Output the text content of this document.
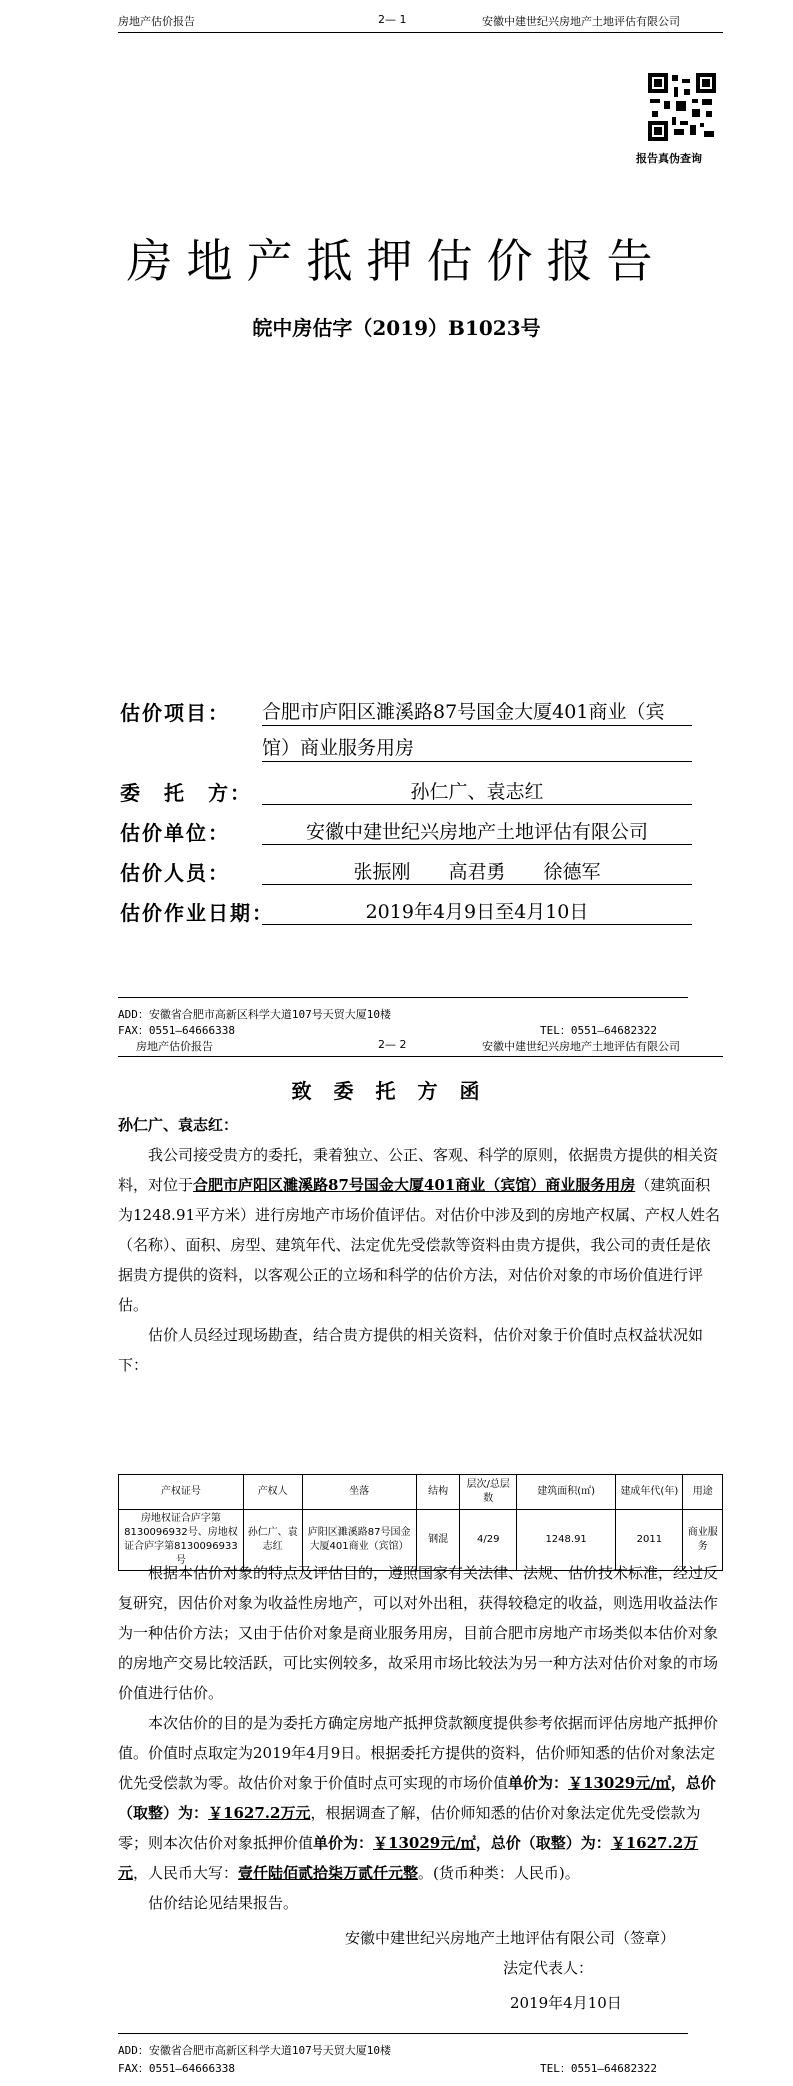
房地产估价报告	2— 1	安徽中建世纪兴房地产土地评估有限公司
报告真伪查询
房地产抵押估价报告
皖中房估字（2019）B1023号
估价项目： 合肥市庐阳区濉溪路87号国金大厦401商业（宾
馆）商业服务用房
委　托　方：	孙仁广、袁志红
估价单位：	安徽中建世纪兴房地产土地评估有限公司
估价人员：	张振刚　　高君勇　　徐德军
估价作业日期：	2019年4月9日至4月10日
ADD：安徽省合肥市高新区科学大道107号天贸大厦10楼
FAX：0551—64666338	TEL：0551—64682322
房地产估价报告	2— 2	安徽中建世纪兴房地产土地评估有限公司
致委托方函

孙仁广、袁志红：

我公司接受贵方的委托，秉着独立、公正、客观、科学的原则，依据贵方提供的相关资料，对位于合肥市庐阳区濉溪路87号国金大厦401商业（宾馆）商业服务用房（建筑面积为1248.91平方米）进行房地产市场价值评估。对估价中涉及到的房地产权属、产权人姓名（名称）、面积、房型、建筑年代、法定优先受偿款等资料由贵方提供，我公司的责任是依据贵方提供的资料，以客观公正的立场和科学的估价方法，对估价对象的市场价值进行评估。

估价人员经过现场勘查，结合贵方提供的相关资料，估价对象于价值时点权益状况如下：

产权证号	产权人	坐落	结构	层次/总层数	建筑面积(㎡)	建成年代(年)	用途
房地权证合庐字第8130096932号、房地权证合庐字第8130096933号	孙仁广、袁志红	庐阳区濉溪路87号国金大厦401商业（宾馆）	钢混	4/29	1248.91	2011	商业服务

根据本估价对象的特点及评估目的，遵照国家有关法律、法规、估价技术标准，经过反复研究，因估价对象为收益性房地产，可以对外出租，获得较稳定的收益，则选用收益法作为一种估价方法；又由于估价对象是商业服务用房，目前合肥市房地产市场类似本估价对象的房地产交易比较活跃，可比实例较多，故采用市场比较法为另一种方法对估价对象的市场价值进行估价。

本次估价的目的是为委托方确定房地产抵押贷款额度提供参考依据而评估房地产抵押价值。价值时点取定为2019年4月9日。根据委托方提供的资料，估价师知悉的估价对象法定优先受偿款为零。故估价对象于价值时点可实现的市场价值单价为：￥13029元/㎡，总价（取整）为：￥1627.2万元，根据调查了解，估价师知悉的估价对象法定优先受偿款为零；则本次估价对象抵押价值单价为：￥13029元/㎡，总价（取整）为：￥1627.2万元，人民币大写：壹仟陆佰贰拾柒万贰仟元整。(货币种类：人民币)。

估价结论见结果报告。

安徽中建世纪兴房地产土地评估有限公司（签章）
法定代表人：
2019年4月10日
ADD：安徽省合肥市高新区科学大道107号天贸大厦10楼
FAX：0551—64666338	TEL：0551—64682322
